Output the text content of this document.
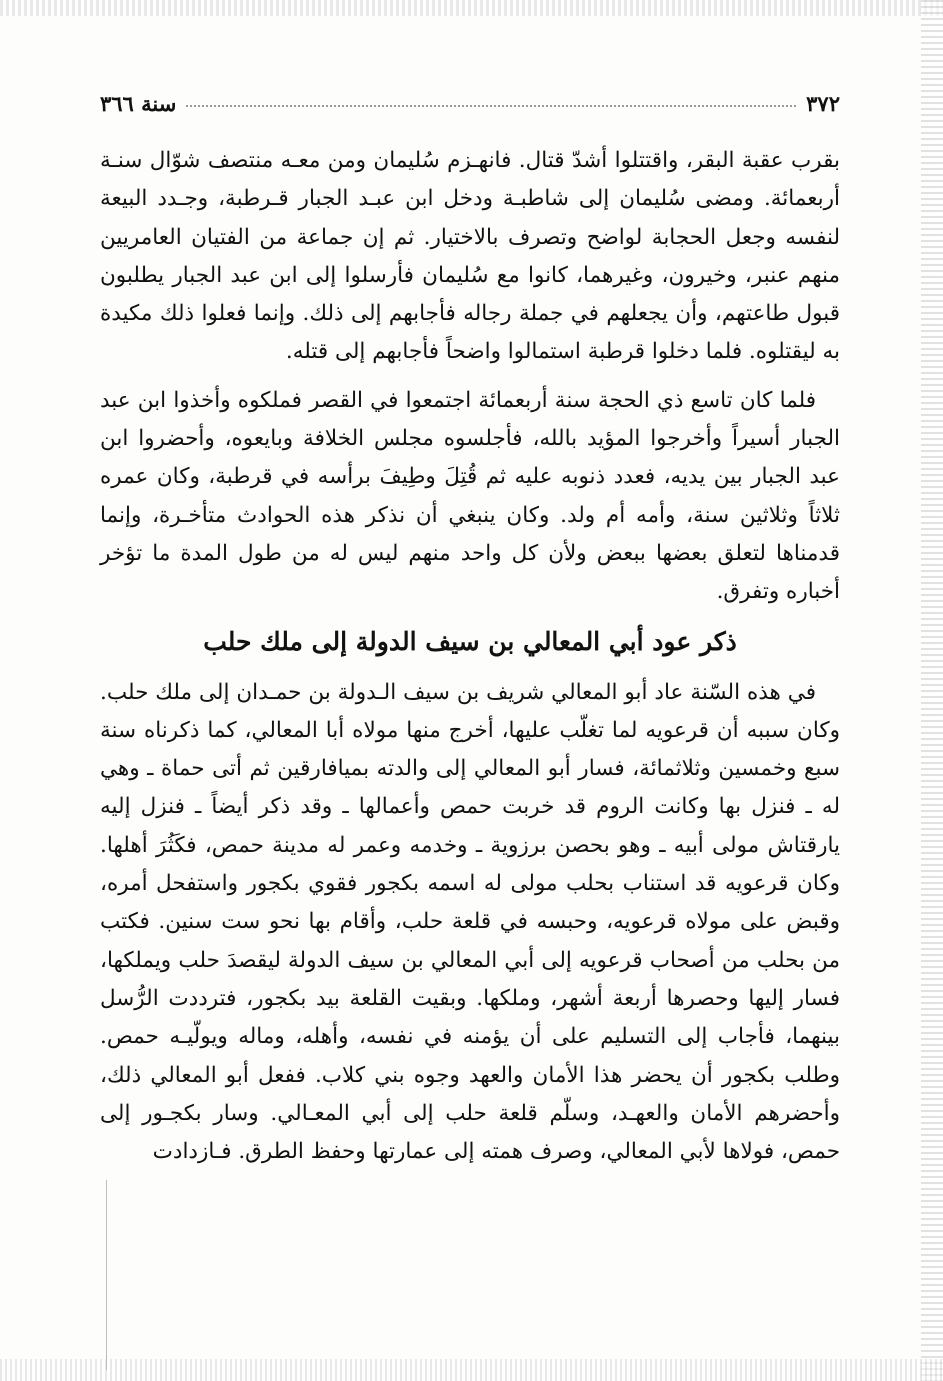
٣٧٢
سنة ٣٦٦

بقرب عقبة البقر، واقتتلوا أشدّ قتال. فانهـزم سُليمان ومن معـه منتصف شوّال سنـة أربعمائة. ومضى سُليمان إلى شاطبـة ودخل ابن عبـد الجبار قـرطبة، وجـدد البيعة لنفسه وجعل الحجابة لواضح وتصرف بالاختيار. ثم إن جماعة من الفتيان العامريين منهم عنبر، وخيرون، وغيرهما، كانوا مع سُليمان فأرسلوا إلى ابن عبد الجبار يطلبون قبول طاعتهم، وأن يجعلهم في جملة رجاله فأجابهم إلى ذلك. وإنما فعلوا ذلك مكيدة به ليقتلوه. فلما دخلوا قرطبة استمالوا واضحاً فأجابهم إلى قتله.

فلما كان تاسع ذي الحجة سنة أربعمائة اجتمعوا في القصر فملكوه وأخذوا ابن عبد الجبار أسيراً وأخرجوا المؤيد بالله، فأجلسوه مجلس الخلافة وبايعوه، وأحضروا ابن عبد الجبار بين يديه، فعدد ذنوبه عليه ثم قُتِلَ وطِيفَ برأسه في قرطبة، وكان عمره ثلاثاً وثلاثين سنة، وأمه أم ولد. وكان ينبغي أن نذكر هذه الحوادث متأخـرة، وإنما قدمناها لتعلق بعضها ببعض ولأن كل واحد منهم ليس له من طول المدة ما تؤخر أخباره وتفرق.

ذكر عود أبي المعالي بن سيف الدولة إلى ملك حلب

في هذه السّنة عاد أبو المعالي شريف بن سيف الـدولة بن حمـدان إلى ملك حلب. وكان سببه أن قرعويه لما تغلّب عليها، أخرج منها مولاه أبا المعالي، كما ذكرناه سنة سبع وخمسين وثلاثمائة، فسار أبو المعالي إلى والدته بميافارقين ثم أتى حماة ـ وهي له ـ فنزل بها وكانت الروم قد خربت حمص وأعمالها ـ وقد ذكر أيضاً ـ فنزل إليه يارقتاش مولى أبيه ـ وهو بحصن برزوية ـ وخدمه وعمر له مدينة حمص، فكَثُرَ أهلها. وكان قرعويه قد استناب بحلب مولى له اسمه بكجور فقوي بكجور واستفحل أمره، وقبض على مولاه قرعويه، وحبسه في قلعة حلب، وأقام بها نحو ست سنين. فكتب من بحلب من أصحاب قرعويه إلى أبي المعالي بن سيف الدولة ليقصدَ حلب ويملكها، فسار إليها وحصرها أربعة أشهر، وملكها. وبقيت القلعة بيد بكجور، فترددت الرُّسل بينهما، فأجاب إلى التسليم على أن يؤمنه في نفسه، وأهله، وماله ويولّيـه حمص. وطلب بكجور أن يحضر هذا الأمان والعهد وجوه بني كلاب. ففعل أبو المعالي ذلك، وأحضرهم الأمان والعهـد، وسلّم قلعة حلب إلى أبي المعـالي. وسار بكجـور إلى حمص، فولاها لأبي المعالي، وصرف همته إلى عمارتها وحفظ الطرق. فـازدادت
